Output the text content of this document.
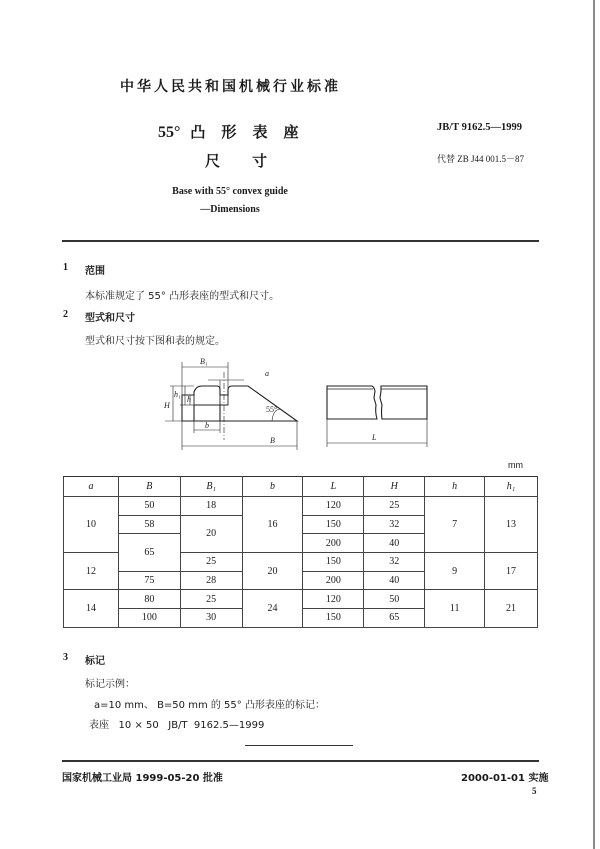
中华人民共和国机械行业标准
55° 凸 形 表 座
尺寸
Base with 55° convex guide
—Dimensions
JB/T 9162.5—1999
代替 ZB J44 001.5－87
1 范围
本标准规定了 55° 凸形表座的型式和尺寸。
2 型式和尺寸
型式和尺寸按下图和表的规定。
B₁
a
H
h₁
h
55°
b
B	L
mm
a	B	B₁	b	L	H	h	h₁
10	50	18	16	120	25	7	13
	58	20		150	32		
	65			200	40		
12		25	20	150	32	9	17
	75	28		200	40		
14	80	25	24	120	50	11	21
	100	30		150	65		
3 标记
标记示例：
a=10 mm、 B=50 mm 的 55° 凸形表座的标记：
表座   10 × 50   JB/T  9162.5—1999
国家机械工业局 1999-05-20 批准	2000-01-01 实施
5
